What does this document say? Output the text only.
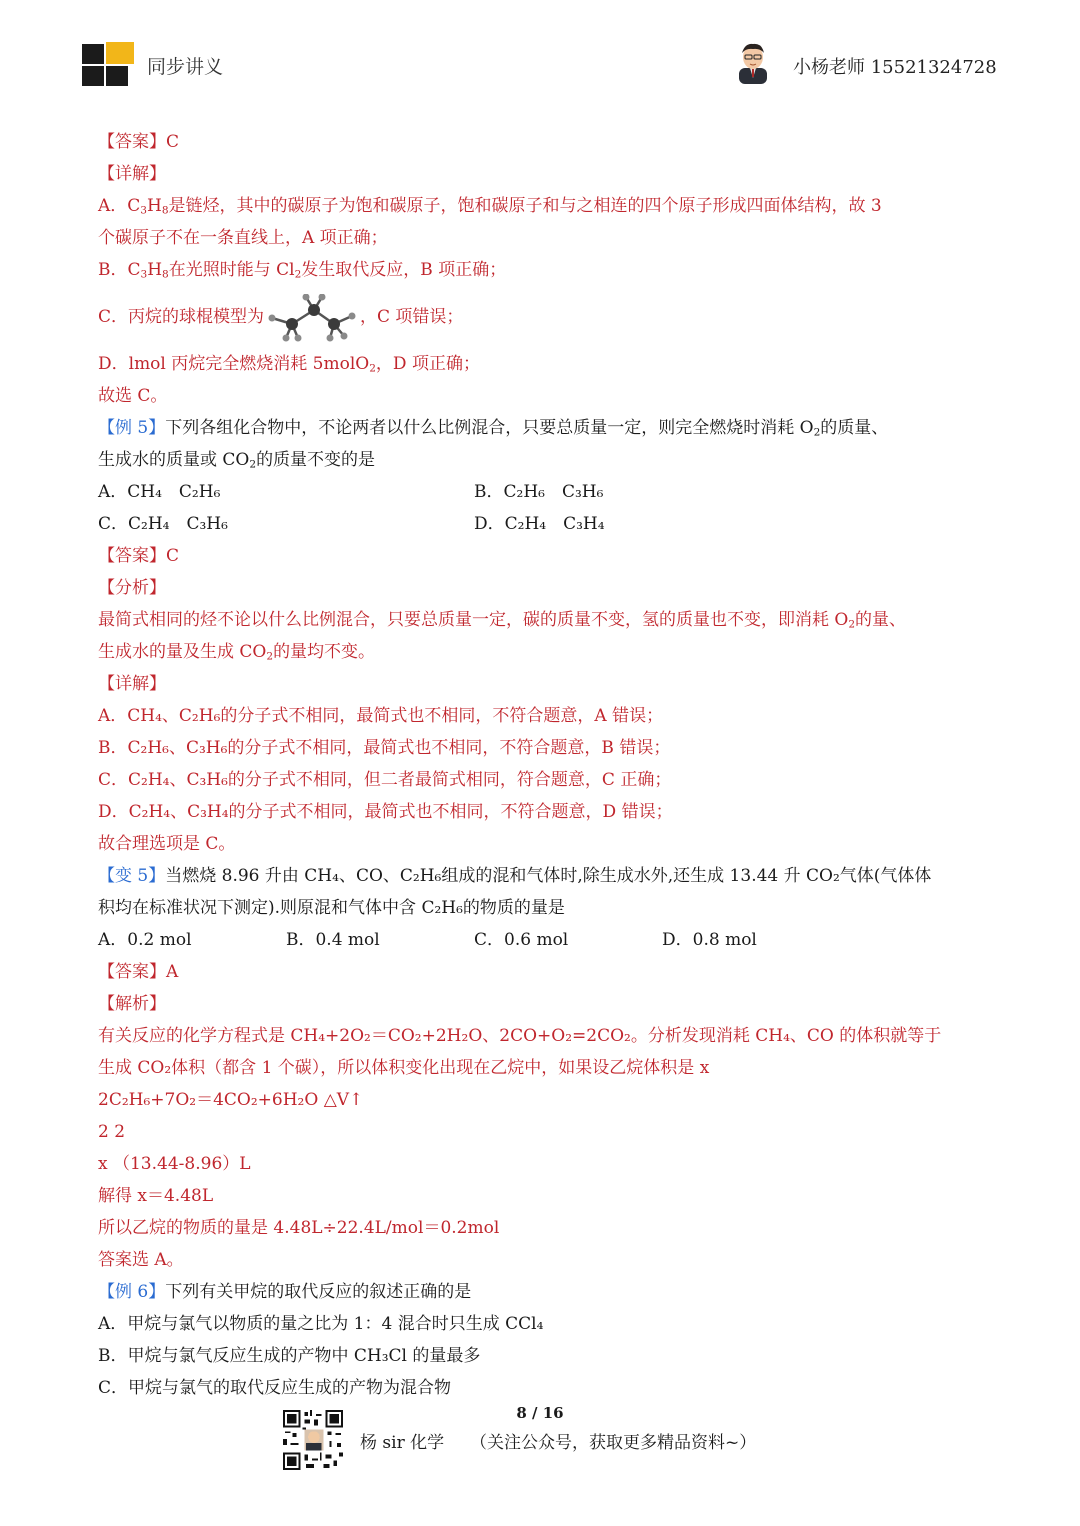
同步讲义	小杨老师 15521324728
【答案】C
【详解】
A．$C_3H_8$是链烃，其中的碳原子为饱和碳原子，饱和碳原子和与之相连的四个原子形成四面体结构，故 3
个碳原子不在一条直线上，A 项正确；
B．$C_3H_8$在光照时能与 $Cl_2$发生取代反应，B 项正确；
C．丙烷的球棍模型为	，C 项错误；
D．lmol 丙烷完全燃烧消耗 5molO$_2$，D 项正确；
故选 C。
【例 5】下列各组化合物中，不论两者以什么比例混合，只要总质量一定，则完全燃烧时消耗 $O_2$的质量、
生成水的质量或 $CO_2$的质量不变的是
A．CH₄　C₂H₆	B．C₂H₆　C₃H₆
C．C₂H₄　C₃H₆	D．C₂H₄　C₃H₄
【答案】C
【分析】
最简式相同的烃不论以什么比例混合，只要总质量一定，碳的质量不变，氢的质量也不变，即消耗 $O_2$的量、
生成水的量及生成 $CO_2$的量均不变。
【详解】
A．CH₄、C₂H₆的分子式不相同，最简式也不相同，不符合题意，A 错误；
B．C₂H₆、C₃H₆的分子式不相同，最简式也不相同，不符合题意，B 错误；
C．C₂H₄、C₃H₆的分子式不相同，但二者最简式相同，符合题意，C 正确；
D．C₂H₄、C₃H₄的分子式不相同，最简式也不相同，不符合题意，D 错误；
故合理选项是 C。
【变 5】当燃烧 8.96 升由 CH₄、CO、C₂H₆组成的混和气体时,除生成水外,还生成 13.44 升 CO₂气体(气体体
积均在标准状况下测定).则原混和气体中含 C₂H₆的物质的量是
A．0.2 mol	B．0.4 mol	C．0.6 mol	D．0.8 mol
【答案】A
【解析】
有关反应的化学方程式是 CH₄+2O₂＝CO₂+2H₂O、2CO+O₂=2CO₂。分析发现消耗 CH₄、CO 的体积就等于
生成 CO₂体积（都含 1 个碳），所以体积变化出现在乙烷中，如果设乙烷体积是 x
2C₂H₆+7O₂＝4CO₂+6H₂O △V↑
2 2
x （13.44-8.96）L
解得 x＝4.48L
所以乙烷的物质的量是 4.48L÷22.4L/mol＝0.2mol
答案选 A。
【例 6】下列有关甲烷的取代反应的叙述正确的是
A．甲烷与氯气以物质的量之比为 1：4 混合时只生成 CCl₄
B．甲烷与氯气反应生成的产物中 CH₃Cl 的量最多
C．甲烷与氯气的取代反应生成的产物为混合物
8 / 16
杨 sir 化学 （关注公众号，获取更多精品资料~）
